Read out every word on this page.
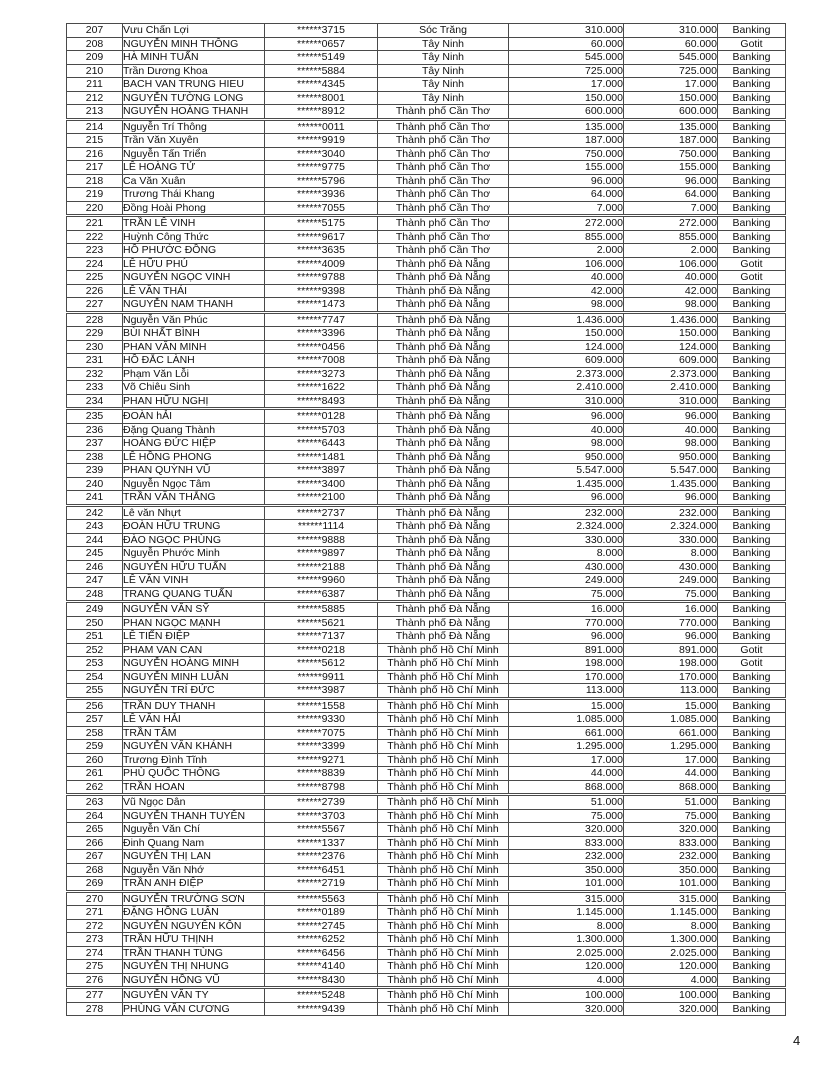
207	Vưu Chấn Lợi	******3715	Sóc Trăng	310.000	310.000	Banking
208	NGUYỄN MINH THÔNG	******0657	Tây Ninh	60.000	60.000	Gotit
209	HÀ MINH TUẤN	******5149	Tây Ninh	545.000	545.000	Banking
210	Trần Dương Khoa	******5884	Tây Ninh	725.000	725.000	Banking
211	BACH VAN TRUNG HIEU	******4345	Tây Ninh	17.000	17.000	Banking
212	NGUYỄN TƯỜNG LONG	******8001	Tây Ninh	150.000	150.000	Banking
213	NGUYỄN HOÀNG THANH	******8912	Thành phố Cần Thơ	600.000	600.000	Banking
214	Nguyễn Trí Thông	******0011	Thành phố Cần Thơ	135.000	135.000	Banking
215	Trần Văn Xuyên	******9919	Thành phố Cần Thơ	187.000	187.000	Banking
216	Nguyễn Tấn Triển	******3040	Thành phố Cần Thơ	750.000	750.000	Banking
217	LÊ HOÀNG TỬ	******9775	Thành phố Cần Thơ	155.000	155.000	Banking
218	Ca Văn Xuân	******5796	Thành phố Cần Thơ	96.000	96.000	Banking
219	Trương Thái Khang	******3936	Thành phố Cần Thơ	64.000	64.000	Banking
220	Đồng Hoài Phong	******7055	Thành phố Cần Thơ	7.000	7.000	Banking
221	TRẦN LÊ VINH	******5175	Thành phố Cần Thơ	272.000	272.000	Banking
222	Huỳnh Công Thức	******9617	Thành phố Cần Thơ	855.000	855.000	Banking
223	HỒ PHƯỚC ĐỒNG	******3635	Thành phố Cần Thơ	2.000	2.000	Banking
224	LÊ HỮU PHÚ	******4009	Thành phố Đà Nẵng	106.000	106.000	Gotit
225	NGUYỄN NGỌC VINH	******9788	Thành phố Đà Nẵng	40.000	40.000	Gotit
226	LÊ VĂN THÁI	******9398	Thành phố Đà Nẵng	42.000	42.000	Banking
227	NGUYỄN NAM THANH	******1473	Thành phố Đà Nẵng	98.000	98.000	Banking
228	Nguyễn Văn Phúc	******7747	Thành phố Đà Nẵng	1.436.000	1.436.000	Banking
229	BÙI NHẤT BÌNH	******3396	Thành phố Đà Nẵng	150.000	150.000	Banking
230	PHAN VĂN MINH	******0456	Thành phố Đà Nẵng	124.000	124.000	Banking
231	HỒ ĐẮC LÀNH	******7008	Thành phố Đà Nẵng	609.000	609.000	Banking
232	Phạm Văn Lỗi	******3273	Thành phố Đà Nẵng	2.373.000	2.373.000	Banking
233	Võ Chiêu Sinh	******1622	Thành phố Đà Nẵng	2.410.000	2.410.000	Banking
234	PHAN HỮU NGHỊ	******8493	Thành phố Đà Nẵng	310.000	310.000	Banking
235	ĐOÀN hẢI	******0128	Thành phố Đà Nẵng	96.000	96.000	Banking
236	Đặng Quang Thành	******5703	Thành phố Đà Nẵng	40.000	40.000	Banking
237	HOÀNG ĐỨC HIỆP	******6443	Thành phố Đà Nẵng	98.000	98.000	Banking
238	LÊ HỒNG PHONG	******1481	Thành phố Đà Nẵng	950.000	950.000	Banking
239	PHAN QUỲNH VŨ	******3897	Thành phố Đà Nẵng	5.547.000	5.547.000	Banking
240	Nguyễn Ngọc Tâm	******3400	Thành phố Đà Nẵng	1.435.000	1.435.000	Banking
241	TRẦN VĂN THẮNG	******2100	Thành phố Đà Nẵng	96.000	96.000	Banking
242	Lê văn Nhựt	******2737	Thành phố Đà Nẵng	232.000	232.000	Banking
243	ĐOÀN HỮU TRUNG	******1114	Thành phố Đà Nẵng	2.324.000	2.324.000	Banking
244	ĐÀO NGỌC PHÙNG	******9888	Thành phố Đà Nẵng	330.000	330.000	Banking
245	Nguyễn Phước Minh	******9897	Thành phố Đà Nẵng	8.000	8.000	Banking
246	NGUYỄN HỮU TUẤN	******2188	Thành phố Đà Nẵng	430.000	430.000	Banking
247	LÊ VĂN VINH	******9960	Thành phố Đà Nẵng	249.000	249.000	Banking
248	TRANG QUANG TUẤN	******6387	Thành phố Đà Nẵng	75.000	75.000	Banking
249	NGUYỄN VĂN SỸ	******5885	Thành phố Đà Nẵng	16.000	16.000	Banking
250	PHAN NGỌC MẠNH	******5621	Thành phố Đà Nẵng	770.000	770.000	Banking
251	LÊ TIẾN ĐIỆP	******7137	Thành phố Đà Nẵng	96.000	96.000	Banking
252	PHAM VAN CAN	******0218	Thành phố Hồ Chí Minh	891.000	891.000	Gotit
253	NGUYỄN HOÀNG MINH	******5612	Thành phố Hồ Chí Minh	198.000	198.000	Gotit
254	NGUYỄN MINH LUÂN	******9911	Thành phố Hồ Chí Minh	170.000	170.000	Banking
255	NGUYỄN TRÍ ĐỨC	******3987	Thành phố Hồ Chí Minh	113.000	113.000	Banking
256	TRẦN DUY THANH	******1558	Thành phố Hồ Chí Minh	15.000	15.000	Banking
257	LÊ VĂN HẢI	******9330	Thành phố Hồ Chí Minh	1.085.000	1.085.000	Banking
258	TRẦN TÂM	******7075	Thành phố Hồ Chí Minh	661.000	661.000	Banking
259	NGUYỄN VĂN KHÁNH	******3399	Thành phố Hồ Chí Minh	1.295.000	1.295.000	Banking
260	Trương Đình Tĩnh	******9271	Thành phố Hồ Chí Minh	17.000	17.000	Banking
261	PHÙ QUỐC THÔNG	******8839	Thành phố Hồ Chí Minh	44.000	44.000	Banking
262	TRẦN HOAN	******8798	Thành phố Hồ Chí Minh	868.000	868.000	Banking
263	Vũ Ngọc Dân	******2739	Thành phố Hồ Chí Minh	51.000	51.000	Banking
264	NGUYỄN THANH TUYÊN	******3703	Thành phố Hồ Chí Minh	75.000	75.000	Banking
265	Nguyễn Văn Chí	******5567	Thành phố Hồ Chí Minh	320.000	320.000	Banking
266	Đinh Quang Nam	******1337	Thành phố Hồ Chí Minh	833.000	833.000	Banking
267	NGUYỄN THỊ LAN	******2376	Thành phố Hồ Chí Minh	232.000	232.000	Banking
268	Nguyễn Văn Nhớ	******6451	Thành phố Hồ Chí Minh	350.000	350.000	Banking
269	TRẦN ANH ĐIỆP	******2719	Thành phố Hồ Chí Minh	101.000	101.000	Banking
270	NGUYỄN TRƯỜNG SƠN	******5563	Thành phố Hồ Chí Minh	315.000	315.000	Banking
271	ĐẶNG HỒNG LUÂN	******0189	Thành phố Hồ Chí Minh	1.145.000	1.145.000	Banking
272	NGUYỄN NGUYÊN KÔN	******2745	Thành phố Hồ Chí Minh	8.000	8.000	Banking
273	TRẦN HỮU THỊNH	******6252	Thành phố Hồ Chí Minh	1.300.000	1.300.000	Banking
274	TRẦN THANH TÙNG	******6456	Thành phố Hồ Chí Minh	2.025.000	2.025.000	Banking
275	NGUYỄN THỊ NHUNG	******4140	Thành phố Hồ Chí Minh	120.000	120.000	Banking
276	NGUYỄN HỒNG VŨ	******8430	Thành phố Hồ Chí Minh	4.000	4.000	Banking
277	NGUYỄN VĂN TY	******5248	Thành phố Hồ Chí Minh	100.000	100.000	Banking
278	PHÙNG VĂN CƯƠNG	******9439	Thành phố Hồ Chí Minh	320.000	320.000	Banking
4
